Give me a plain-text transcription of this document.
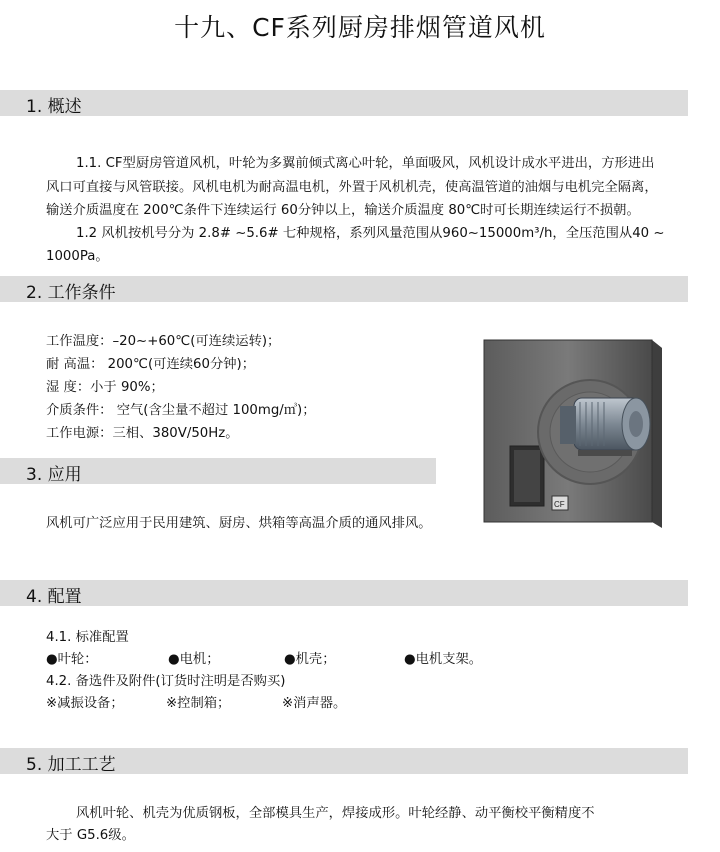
十九、CF系列厨房排烟管道风机
1. 概述
1.1. CF型厨房管道风机，叶轮为多翼前倾式离心叶轮，单面吸风，风机设计成水平进出，方形进出
风口可直接与风管联接。风机电机为耐高温电机，外置于风机机壳，使高温管道的油烟与电机完全隔离，
输送介质温度在 200℃条件下连续运行 60分钟以上，输送介质温度 80℃时可长期连续运行不损朝。
1.2 风机按机号分为 2.8# ~5.6# 七种规格，系列风量范围从960~15000m³/h，全压范围从40 ~
1000Pa。
2. 工作条件
工作温度：–20~+60℃(可连续运转)；
耐 高温： 200℃(可连续60分钟)；
湿 度：小于 90%；
介质条件： 空气(含尘量不超过 100mg/㎥)；
工作电源：三相、380V/50Hz。
CF
3. 应用
风机可广泛应用于民用建筑、厨房、烘箱等高温介质的通风排风。
4. 配置
4.1. 标准配置
●叶轮：	●电机；	●机壳；	●电机支架。
4.2. 备选件及附件(订货时注明是否购买)
※减振设备；	※控制箱；	※消声器。
5. 加工工艺
风机叶轮、机壳为优质钢板，全部模具生产，焊接成形。叶轮经静、动平衡校平衡精度不
大于 G5.6级。
